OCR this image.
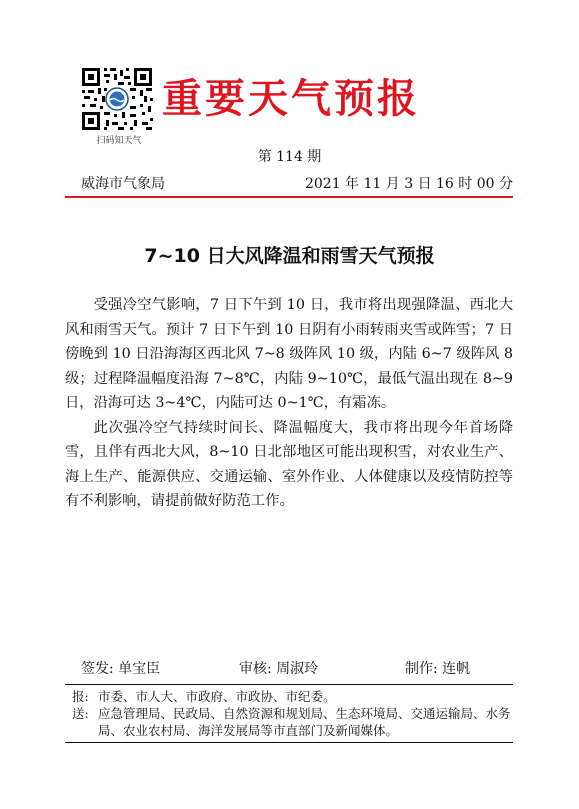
扫码知天气
重要天气预报
第 114 期
威海市气象局	2021 年 11 月 3 日 16 时 00 分
7~10 日大风降温和雨雪天气预报

受强冷空气影响，7 日下午到 10 日，我市将出现强降温、西北大风和雨雪天气。预计 7 日下午到 10 日阴有小雨转雨夹雪或阵雪；7 日傍晚到 10 日沿海海区西北风 7~8 级阵风 10 级，内陆 6~7 级阵风 8 级；过程降温幅度沿海 7~8℃，内陆 9~10℃，最低气温出现在 8~9 日，沿海可达 3~4℃，内陆可达 0~1℃，有霜冻。

此次强冷空气持续时间长、降温幅度大，我市将出现今年首场降雪，且伴有西北大风，8~10 日北部地区可能出现积雪，对农业生产、海上生产、能源供应、交通运输、室外作业、人体健康以及疫情防控等有不利影响，请提前做好防范工作。

签发: 单宝臣	审核: 周淑玲	制作: 连帆
报: 市委、市人大、市政府、市政协、市纪委。
送: 应急管理局、民政局、自然资源和规划局、生态环境局、交通运输局、水务局、农业农村局、海洋发展局等市直部门及新闻媒体。
